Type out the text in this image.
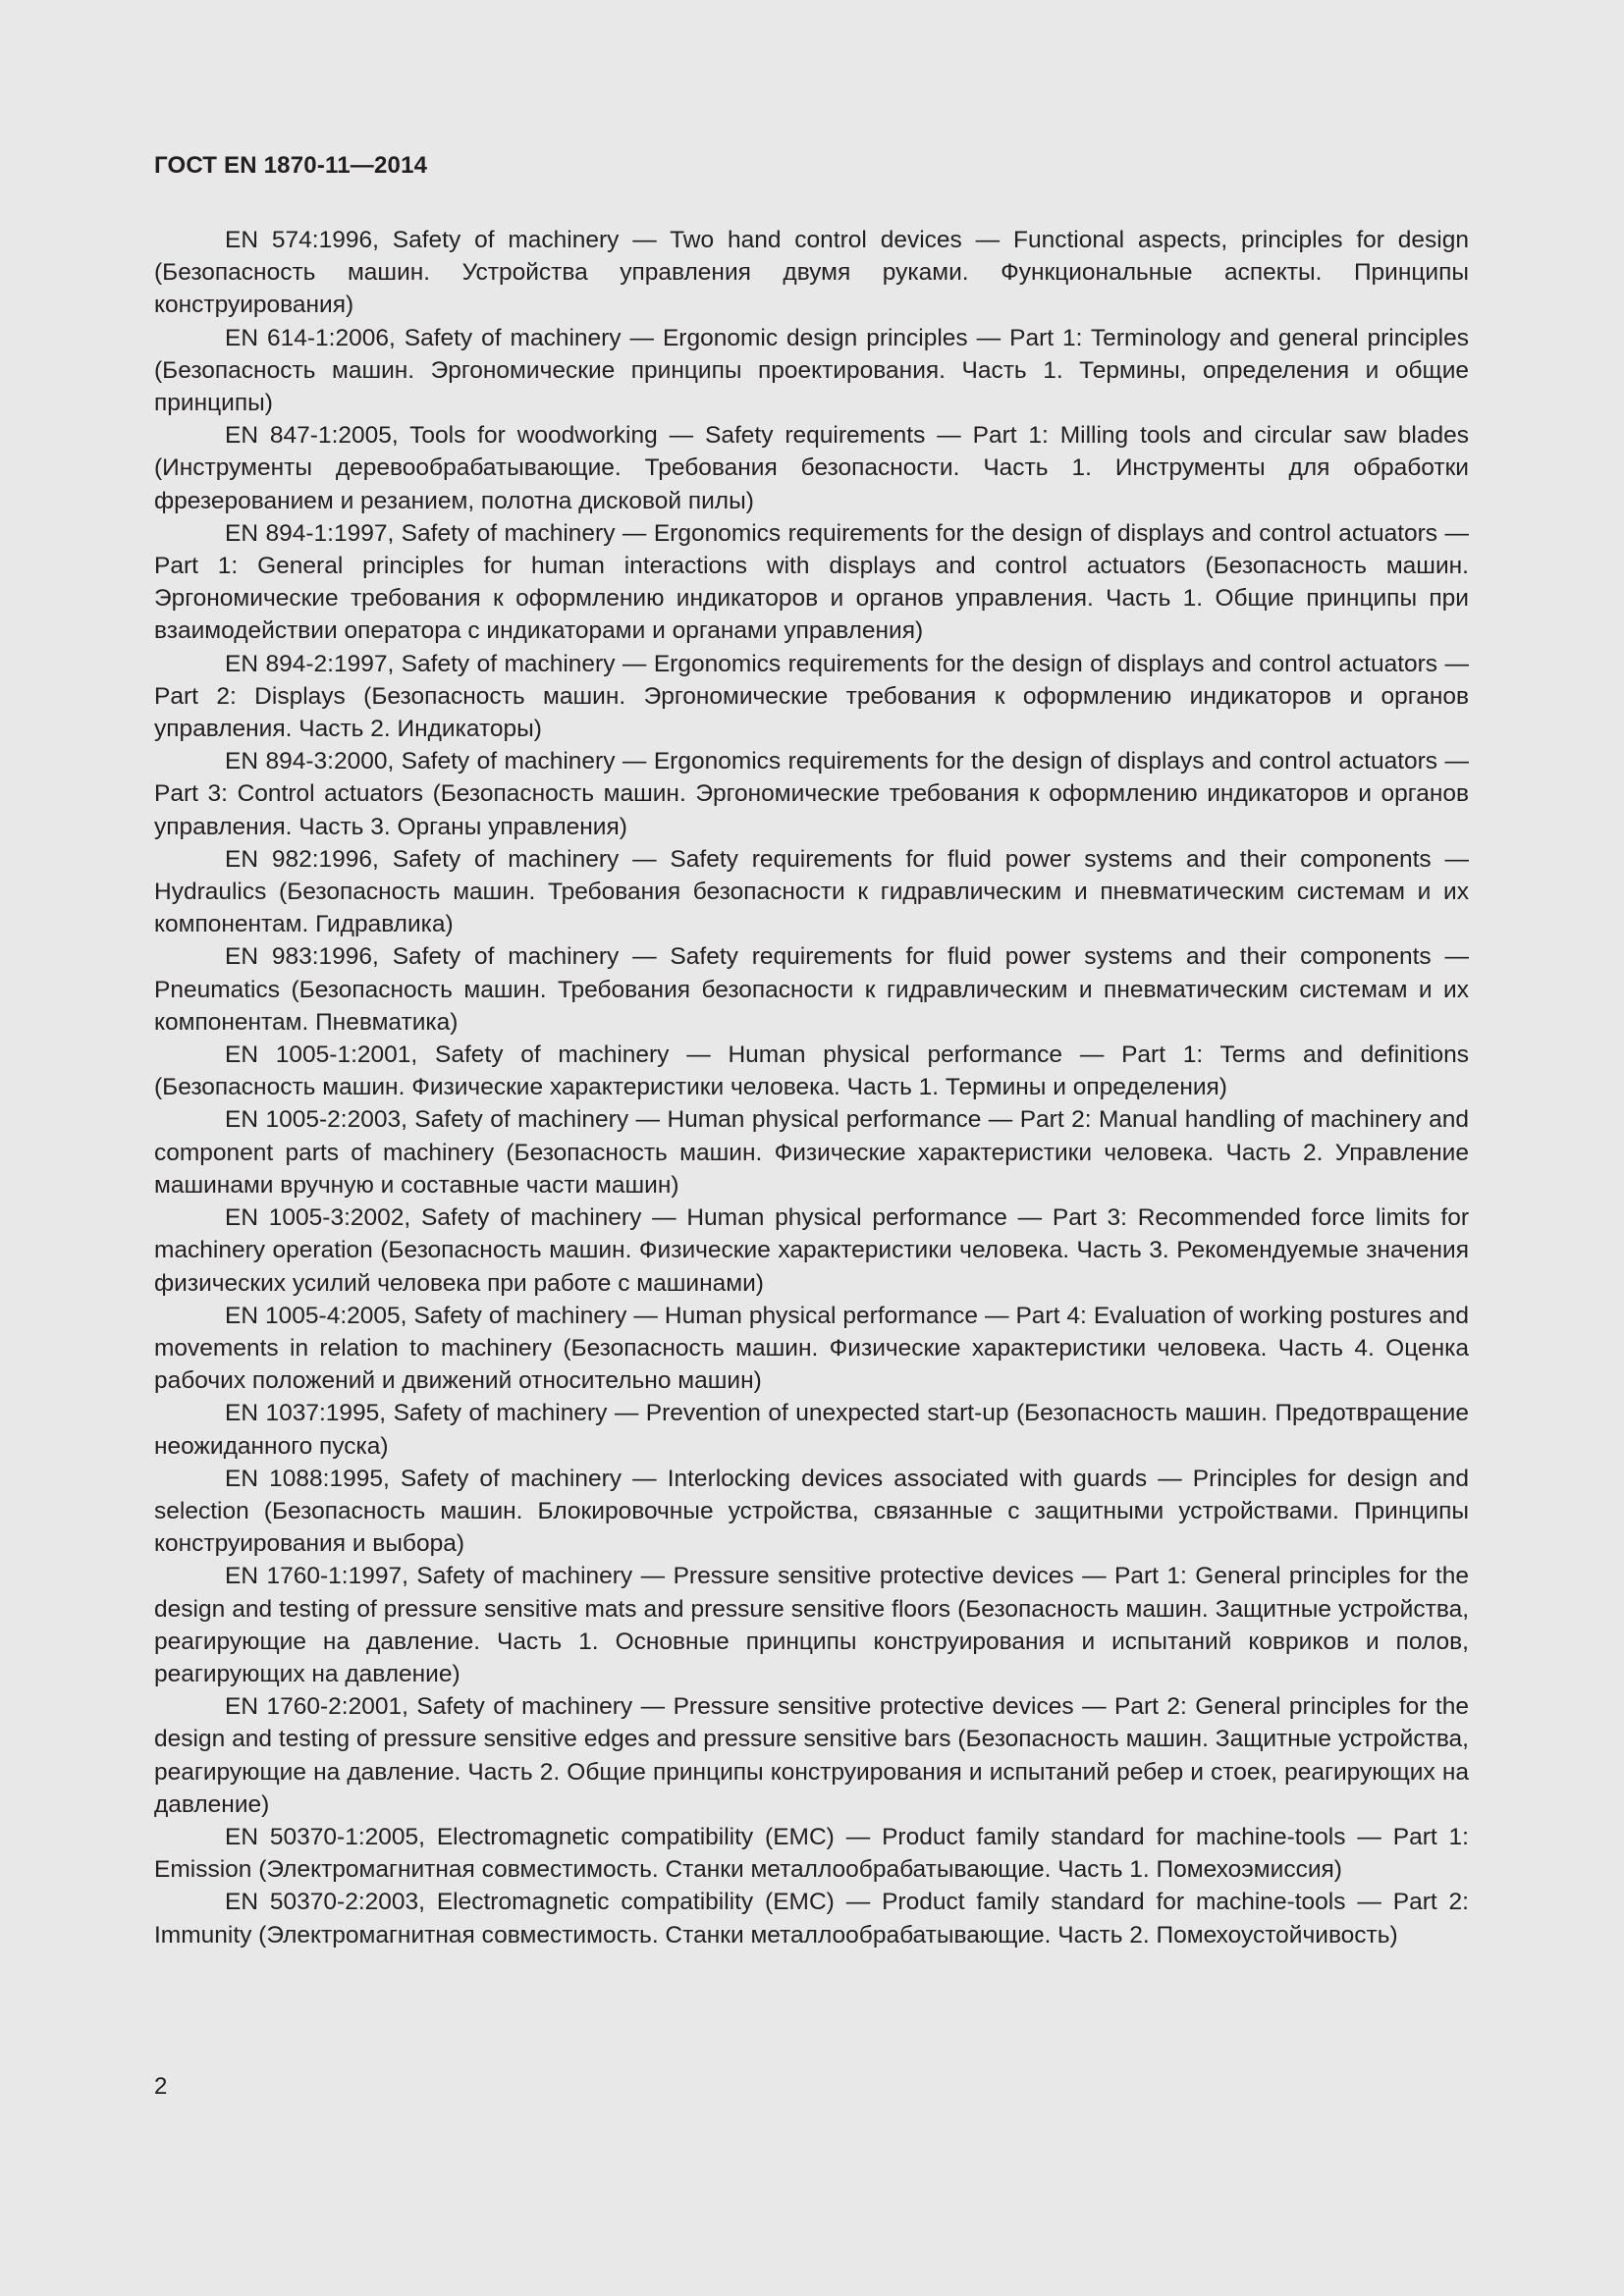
ГОСТ EN 1870-11—2014

EN 574:1996, Safety of machinery — Two hand control devices — Functional aspects, principles for design (Безопасность машин. Устройства управления двумя руками. Функциональные аспекты. Принципы конструирования)

EN 614-1:2006, Safety of machinery — Ergonomic design principles — Part 1: Terminology and general principles (Безопасность машин. Эргономические принципы проектирования. Часть 1. Термины, определения и общие принципы)

EN 847-1:2005, Tools for woodworking — Safety requirements — Part 1: Milling tools and circular saw blades (Инструменты деревообрабатывающие. Требования безопасности. Часть 1. Инструменты для обработки фрезерованием и резанием, полотна дисковой пилы)

EN 894-1:1997, Safety of machinery — Ergonomics requirements for the design of displays and control actuators — Part 1: General principles for human interactions with displays and control actuators (Безопасность машин. Эргономические требования к оформлению индикаторов и органов управления. Часть 1. Общие принципы при взаимодействии оператора с индикаторами и органами управления)

EN 894-2:1997, Safety of machinery — Ergonomics requirements for the design of displays and control actuators — Part 2: Displays (Безопасность машин. Эргономические требования к оформлению индикаторов и органов управления. Часть 2. Индикаторы)

EN 894-3:2000, Safety of machinery — Ergonomics requirements for the design of displays and control actuators — Part 3: Control actuators (Безопасность машин. Эргономические требования к оформлению индикаторов и органов управления. Часть 3. Органы управления)

EN 982:1996, Safety of machinery — Safety requirements for fluid power systems and their components — Hydraulics (Безопасность машин. Требования безопасности к гидравлическим и пневматическим системам и их компонентам. Гидравлика)

EN 983:1996, Safety of machinery — Safety requirements for fluid power systems and their components — Pneumatics (Безопасность машин. Требования безопасности к гидравлическим и пневматическим системам и их компонентам. Пневматика)

EN 1005-1:2001, Safety of machinery — Human physical performance — Part 1: Terms and definitions (Безопасность машин. Физические характеристики человека. Часть 1. Термины и определения)

EN 1005-2:2003, Safety of machinery — Human physical performance — Part 2: Manual handling of machinery and component parts of machinery (Безопасность машин. Физические характеристики человека. Часть 2. Управление машинами вручную и составные части машин)

EN 1005-3:2002, Safety of machinery — Human physical performance — Part 3: Recommended force limits for machinery operation (Безопасность машин. Физические характеристики человека. Часть 3. Рекомендуемые значения физических усилий человека при работе с машинами)

EN 1005-4:2005, Safety of machinery — Human physical performance — Part 4: Evaluation of working postures and movements in relation to machinery (Безопасность машин. Физические характеристики человека. Часть 4. Оценка рабочих положений и движений относительно машин)

EN 1037:1995, Safety of machinery — Prevention of unexpected start-up (Безопасность машин. Предотвращение неожиданного пуска)

EN 1088:1995, Safety of machinery — Interlocking devices associated with guards — Principles for design and selection (Безопасность машин. Блокировочные устройства, связанные с защитными устройствами. Принципы конструирования и выбора)

EN 1760-1:1997, Safety of machinery — Pressure sensitive protective devices — Part 1: General principles for the design and testing of pressure sensitive mats and pressure sensitive floors (Безопасность машин. Защитные устройства, реагирующие на давление. Часть 1. Основные принципы конструирования и испытаний ковриков и полов, реагирующих на давление)

EN 1760-2:2001, Safety of machinery — Pressure sensitive protective devices — Part 2: General principles for the design and testing of pressure sensitive edges and pressure sensitive bars (Безопасность машин. Защитные устройства, реагирующие на давление. Часть 2. Общие принципы конструирования и испытаний ребер и стоек, реагирующих на давление)

EN 50370-1:2005, Electromagnetic compatibility (EMC) — Product family standard for machine-tools — Part 1: Emission (Электромагнитная совместимость. Станки металлообрабатывающие. Часть 1. Помехоэмиссия)

EN 50370-2:2003, Electromagnetic compatibility (EMC) — Product family standard for machine-tools — Part 2: Immunity (Электромагнитная совместимость. Станки металлообрабатывающие. Часть 2. Помехоустойчивость)

2
